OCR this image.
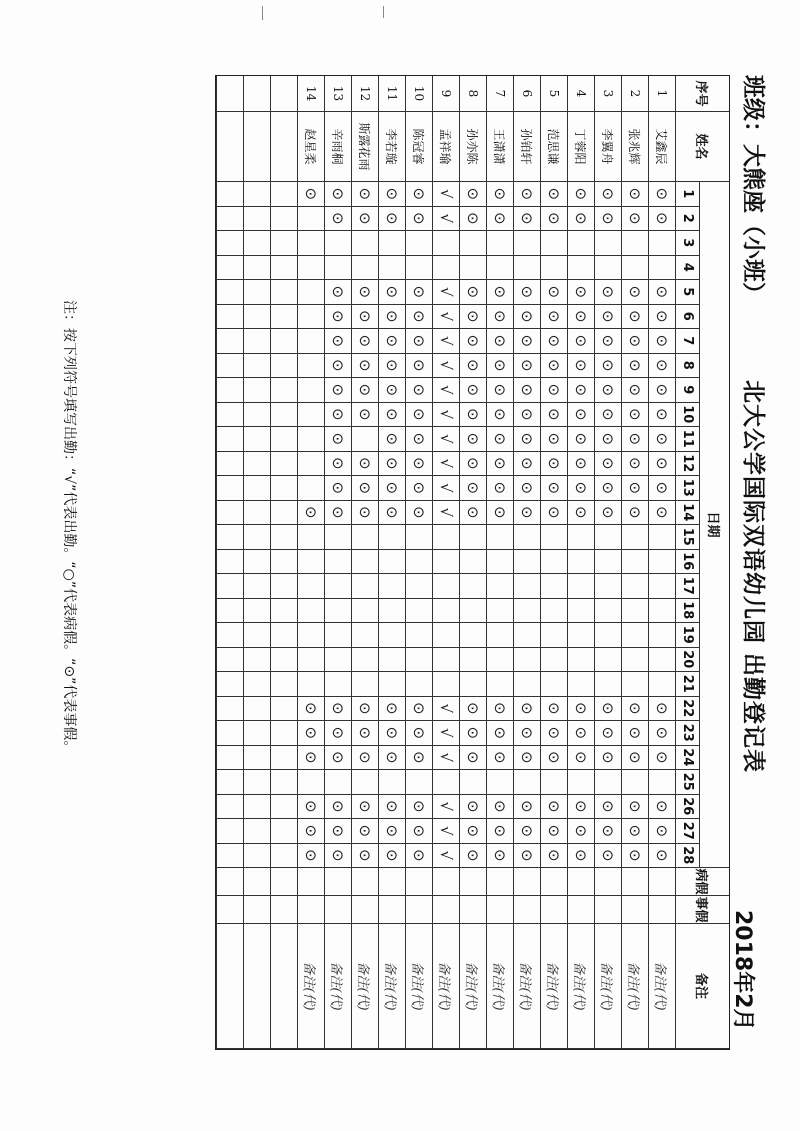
班级：大熊座（小班）
北大公学国际双语幼儿园 出勤登记表
2018年2月
序号
姓名
日期
1
2
3
4
5
6
7
8
9
10
11
12
13
14
15
16
17
18
19
20
21
22
23
24
25
26
27
28
病假
事假
备注
1
艾鑫辰
⊙
⊙
⊙
⊙
⊙
⊙
⊙
⊙
⊙
⊙
⊙
⊙
⊙
⊙
⊙
⊙
⊙
⊙
备注(代)
2
张兆辉
⊙
⊙
⊙
⊙
⊙
⊙
⊙
⊙
⊙
⊙
⊙
⊙
⊙
⊙
⊙
⊙
⊙
⊙
备注(代)
3
李翼舟
⊙
⊙
⊙
⊙
⊙
⊙
⊙
⊙
⊙
⊙
⊙
⊙
⊙
⊙
⊙
⊙
⊙
⊙
备注(代)
4
丁蓉阳
⊙
⊙
⊙
⊙
⊙
⊙
⊙
⊙
⊙
⊙
⊙
⊙
⊙
⊙
⊙
⊙
⊙
⊙
备注(代)
5
范思谦
⊙
⊙
⊙
⊙
⊙
⊙
⊙
⊙
⊙
⊙
⊙
⊙
⊙
⊙
⊙
⊙
⊙
⊙
备注(代)
6
孙铂轩
⊙
⊙
⊙
⊙
⊙
⊙
⊙
⊙
⊙
⊙
⊙
⊙
⊙
⊙
⊙
⊙
⊙
⊙
备注(代)
7
王潇潇
⊙
⊙
⊙
⊙
⊙
⊙
⊙
⊙
⊙
⊙
⊙
⊙
⊙
⊙
⊙
⊙
⊙
⊙
备注(代)
8
孙亦陈
⊙
⊙
⊙
⊙
⊙
⊙
⊙
⊙
⊙
⊙
⊙
⊙
⊙
⊙
⊙
⊙
⊙
⊙
备注(代)
9
孟祥瑜
√
√
√
√
√
√
√
√
√
√
√
√
√
√
√
√
√
√
备注(代)
10
陈冠睿
⊙
⊙
⊙
⊙
⊙
⊙
⊙
⊙
⊙
⊙
⊙
⊙
⊙
⊙
⊙
⊙
⊙
⊙
备注(代)
11
李若璇
⊙
⊙
⊙
⊙
⊙
⊙
⊙
⊙
⊙
⊙
⊙
⊙
⊙
⊙
⊙
⊙
⊙
⊙
备注(代)
12
斯露花雨
⊙
⊙
⊙
⊙
⊙
⊙
⊙
⊙
⊙
⊙
⊙
⊙
⊙
⊙
⊙
⊙
⊙
备注(代)
13
辛雨桐
⊙
⊙
⊙
⊙
⊙
⊙
⊙
⊙
⊙
⊙
⊙
⊙
⊙
⊙
⊙
⊙
⊙
⊙
备注(代)
14
赵星柔
⊙
⊙
⊙
⊙
⊙
⊙
⊙
⊙
备注(代)
注：按下列符号填写出勤：“√”代表出勤。“○”代表病假。“⊙”代表事假。
